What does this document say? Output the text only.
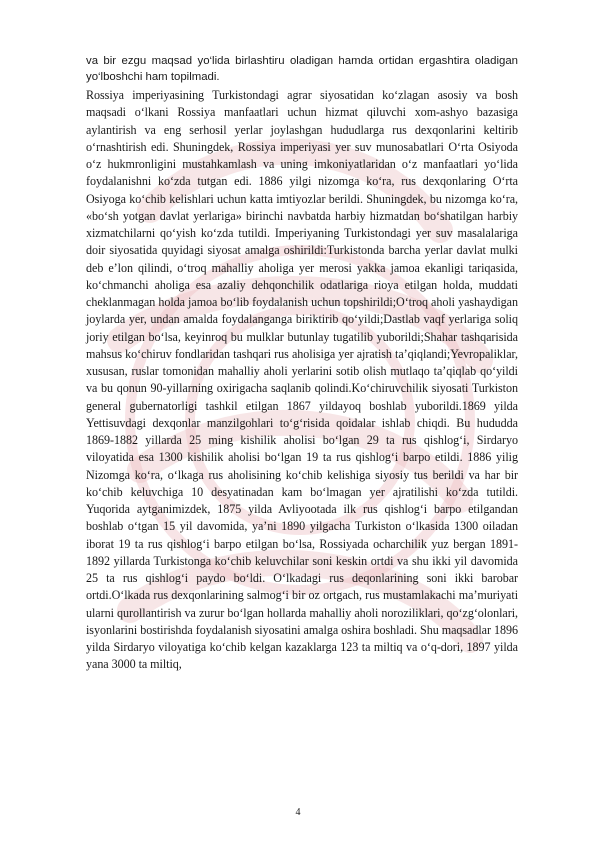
va bir ezgu maqsad yo‘lida birlashtiru oladigan hamda ortidan ergashtira oladigan yo‘lboshchi ham topilmadi.

Rossiya imperiyasining Turkistondagi agrar siyosatidan ko‘zlagan asosiy va bosh maqsadi o‘lkani Rossiya manfaatlari uchun hizmat qiluvchi xom-ashyo bazasiga aylantirish va eng serhosil yerlar joylashgan hududlarga rus dexqonlarini keltirib o‘rnashtirish edi. Shuningdek, Rossiya imperiyasi yer suv munosabatlari O‘rta Osiyoda o‘z hukmronligini mustahkamlash va uning imkoniyatlaridan o‘z manfaatlari yo‘lida foydalanishni ko‘zda tutgan edi. 1886 yilgi nizomga ko‘ra, rus dexqonlaring O‘rta Osiyoga ko‘chib kelishlari uchun katta imtiyozlar berildi. Shuningdek, bu nizomga ko‘ra, «bo‘sh yotgan davlat yerlariga» birinchi navbatda harbiy hizmatdan bo‘shatilgan harbiy xizmatchilarni qo‘yish ko‘zda tutildi. Imperiyaning Turkistondagi yer suv masalalariga doir siyosatida quyidagi siyosat amalga oshirildi:Turkistonda barcha yerlar davlat mulki deb e’lon qilindi, o‘troq mahalliy aholiga yer merosi yakka jamoa ekanligi tariqasida, ko‘chmanchi aholiga esa azaliy dehqonchilik odatlariga rioya etilgan holda, muddati cheklanmagan holda jamoa bo‘lib foydalanish uchun topshirildi;O‘troq aholi yashaydigan joylarda yer, undan amalda foydalanganga biriktirib qo‘yildi;Dastlab vaqf yerlariga soliq joriy etilgan bo‘lsa, keyinroq bu mulklar butunlay tugatilib yuborildi;Shahar tashqarisida mahsus ko‘chiruv fondlaridan tashqari rus aholisiga yer ajratish ta’qiqlandi;Yevropaliklar, xususan, ruslar tomonidan mahalliy aholi yerlarini sotib olish mutlaqo ta’qiqlab qo‘yildi va bu qonun 90-yillarning oxirigacha saqlanib qolindi.Ko‘chiruvchilik siyosati Turkiston general gubernatorligi tashkil etilgan 1867 yildayoq boshlab yuborildi.1869 yilda Yettisuvdagi dexqonlar manzilgohlari to‘g‘risida qoidalar ishlab chiqdi. Bu hududda 1869-1882 yillarda 25 ming kishilik aholisi bo‘lgan 29 ta rus qishlog‘i, Sirdaryo viloyatida esa 1300 kishilik aholisi bo‘lgan 19 ta rus qishlog‘i barpo etildi. 1886 yilig Nizomga ko‘ra, o‘lkaga rus aholisining ko‘chib kelishiga siyosiy tus berildi va har bir ko‘chib keluvchiga 10 desyatinadan kam bo‘lmagan yer ajratilishi ko‘zda tutildi. Yuqorida aytganimizdek, 1875 yilda Avliyootada ilk rus qishlog‘i barpo etilgandan boshlab o‘tgan 15 yil davomida, ya’ni 1890 yilgacha Turkiston o‘lkasida 1300 oiladan iborat 19 ta rus qishlog‘i barpo etilgan bo‘lsa, Rossiyada ocharchilik yuz bergan 1891-1892 yillarda Turkistonga ko‘chib keluvchilar soni keskin ortdi va shu ikki yil davomida 25 ta rus qishlog‘i paydo bo‘ldi. O‘lkadagi rus deqonlarining soni ikki barobar ortdi.O‘lkada rus dexqonlarining salmog‘i bir oz ortgach, rus mustamlakachi ma’muriyati ularni qurollantirish va zurur bo‘lgan hollarda mahalliy aholi noroziliklari, qo‘zg‘olonlari, isyonlarini bostirishda foydalanish siyosatini amalga oshira boshladi. Shu maqsadlar 1896 yilda Sirdaryo viloyatiga ko‘chib kelgan kazaklarga 123 ta miltiq va o‘q-dori, 1897 yilda yana 3000 ta miltiq,

4
